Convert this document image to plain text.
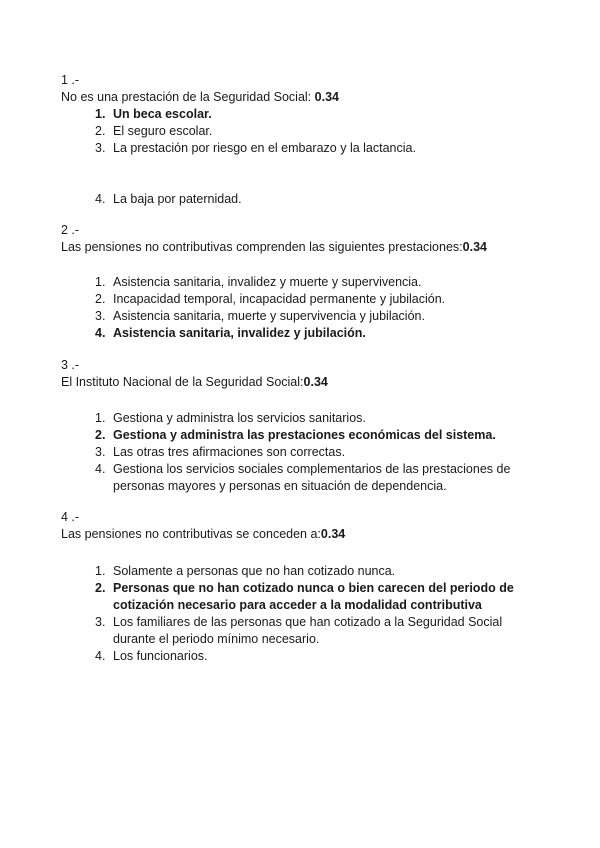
1 .-
No es una prestación de la Seguridad Social: 0.34
1. Un beca escolar.
2. El seguro escolar.
3. La prestación por riesgo en el embarazo y la lactancia.
4. La baja por paternidad.
2 .-
Las pensiones no contributivas comprenden las siguientes prestaciones:0.34
1. Asistencia sanitaria, invalidez y muerte y supervivencia.
2. Incapacidad temporal, incapacidad permanente y jubilación.
3. Asistencia sanitaria, muerte y supervivencia y jubilación.
4. Asistencia sanitaria, invalidez y jubilación.
3 .-
El Instituto Nacional de la Seguridad Social:0.34
1. Gestiona y administra los servicios sanitarios.
2. Gestiona y administra las prestaciones económicas del sistema.
3. Las otras tres afirmaciones son correctas.
4. Gestiona los servicios sociales complementarios de las prestaciones de personas mayores y personas en situación de dependencia.
4 .-
Las pensiones no contributivas se conceden a:0.34
1. Solamente a personas que no han cotizado nunca.
2. Personas que no han cotizado nunca o bien carecen del periodo de cotización necesario para acceder a la modalidad contributiva
3. Los familiares de las personas que han cotizado a la Seguridad Social durante el periodo mínimo necesario.
4. Los funcionarios.
